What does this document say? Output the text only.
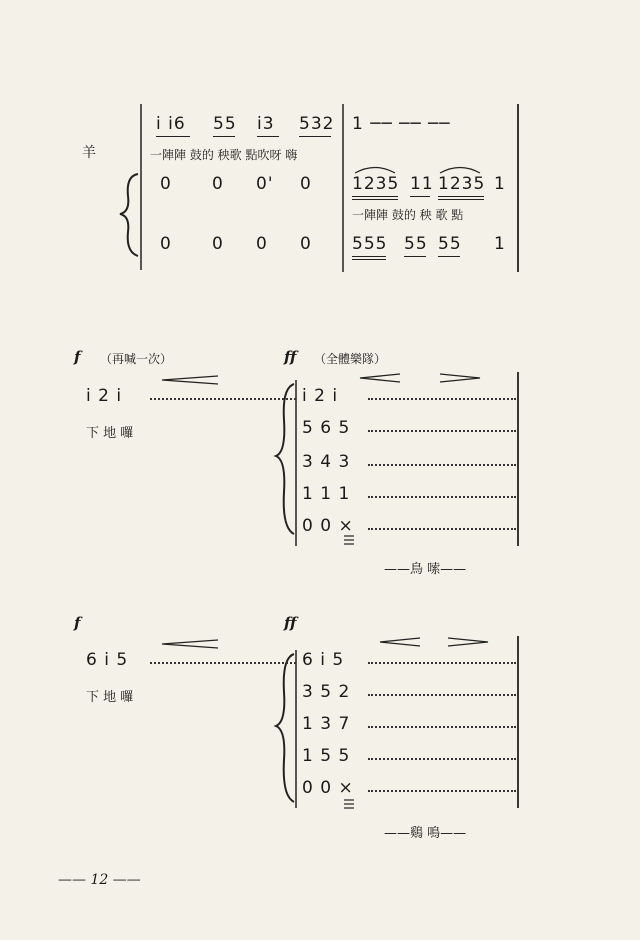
羊
i i6 55 i3 532 1 ── ── ──
一陣陣 鼓的 秧歌 點吹呀 嗨
0 0 0' 0 1235 11 1235 1
一陣陣 鼓的 秧 歌 點
0 0 0 0 555 55 55 1
f （再喊一次）	ff （全體樂隊）
i 2 i
下 地 囉
i 2 i
5 6 5
3 4 3
1 1 1
0 0 ×
——鳥 嗦——
f	ff
6 i 5
下 地 囉
6 i 5
3 5 2
1 3 7
1 5 5
0 0 ×
——鷄 鳴——
—— 12 ——
